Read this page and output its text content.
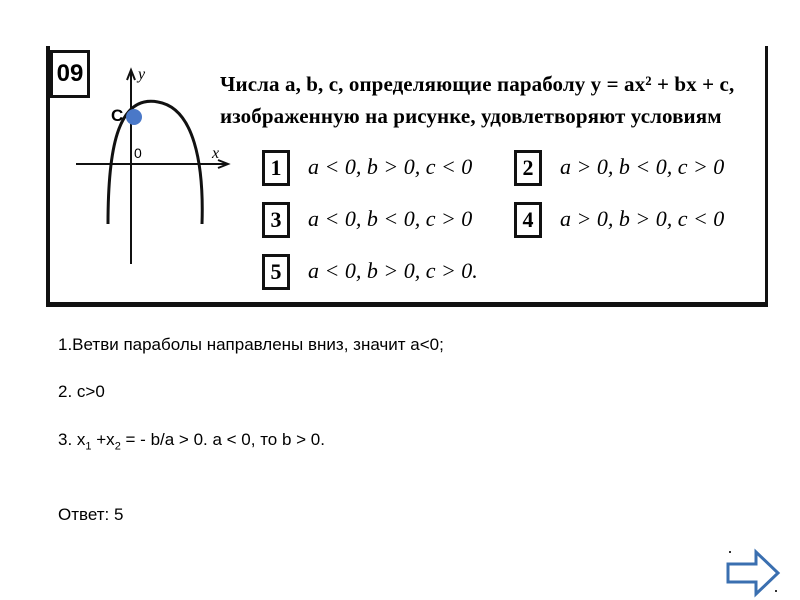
09
C
y
x
0
Числа a, b, c, определяющие параболу y = ax² + bx + c,
изображенную на рисунке, удовлетворяют условиям
1	a < 0, b > 0, c < 0	2	a > 0, b < 0, c > 0
3	a < 0, b < 0, c > 0	4	a > 0, b > 0, c < 0
5	a < 0, b > 0, c > 0.
1.Ветви параболы направлены вниз, значит а<0;
2. с>0
3. $х_1 +х_2$ = - b/a > 0. a < 0, то b > 0.
Ответ: 5
